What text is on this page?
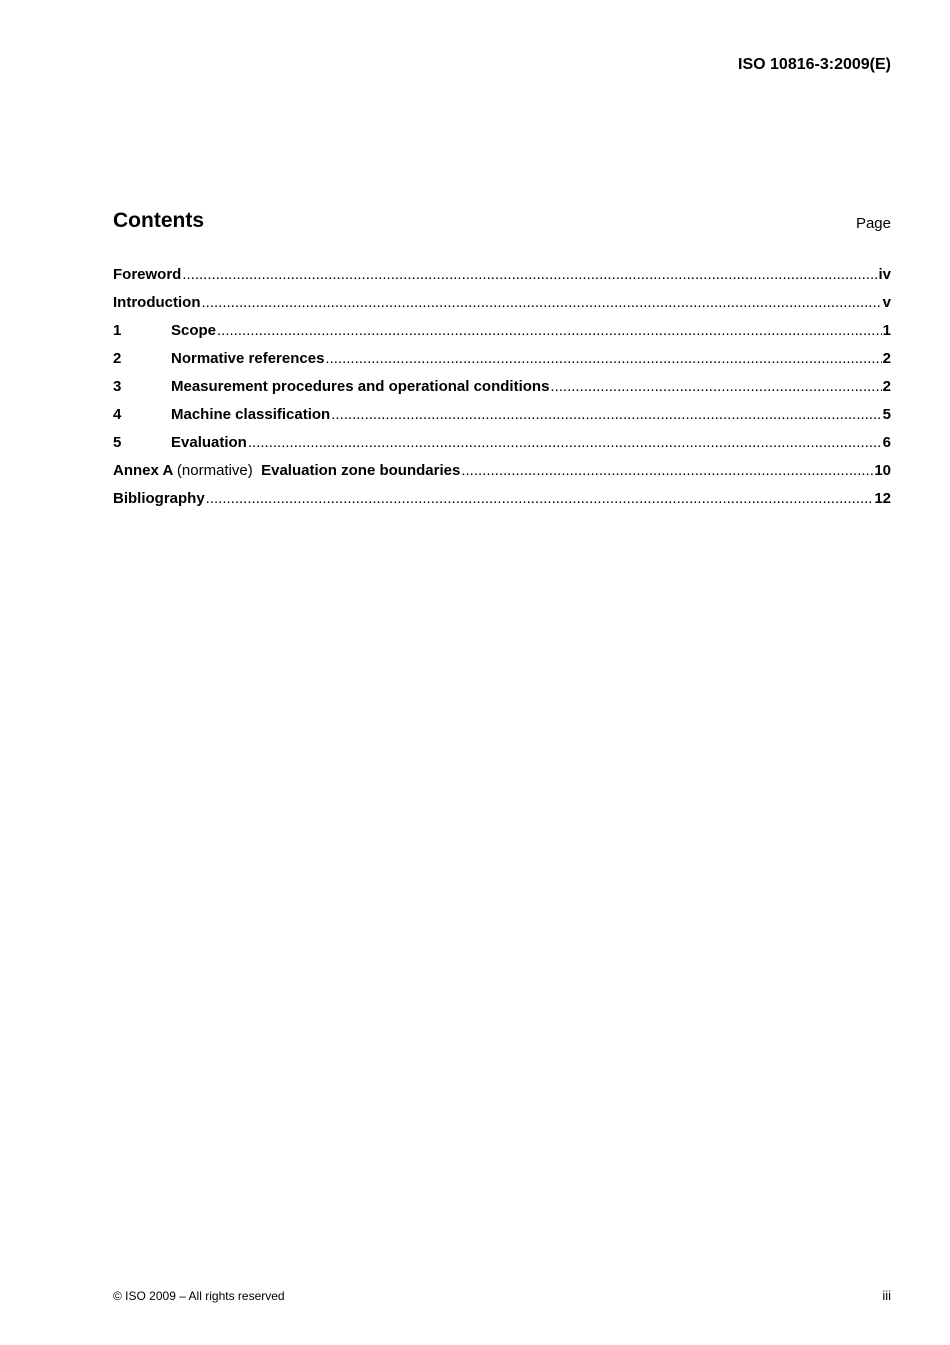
ISO 10816-3:2009(E)
Contents	Page
Foreword .....	iv
Introduction .....	v
1	Scope .....	1
2	Normative references .....	2
3	Measurement procedures and operational conditions .....	2
4	Machine classification .....	5
5	Evaluation .....	6
Annex A (normative) Evaluation zone boundaries .....	10
Bibliography .....	12
© ISO 2009 – All rights reserved	iii
